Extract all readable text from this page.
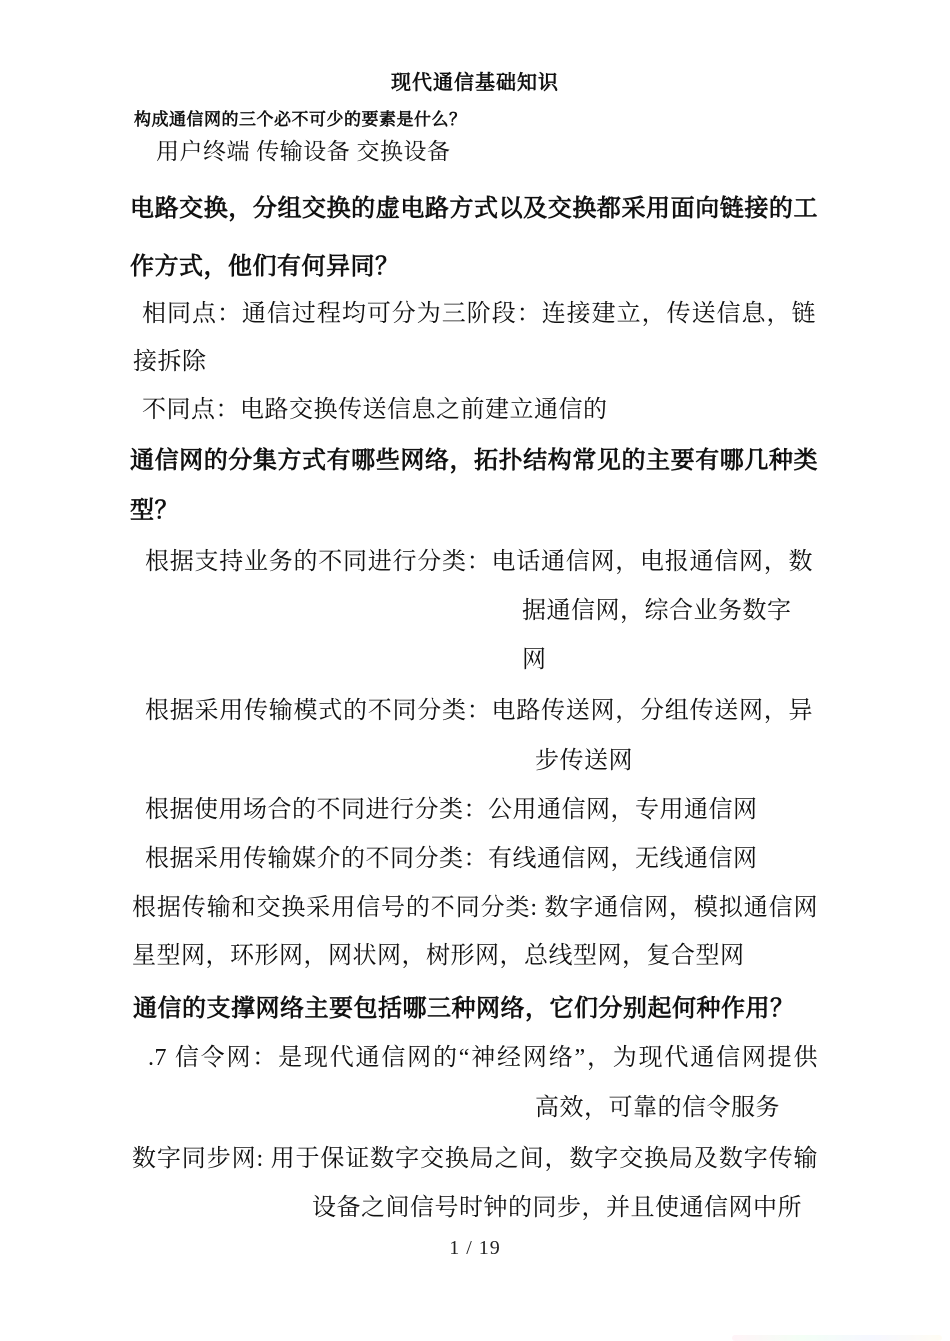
现代通信基础知识
构成通信网的三个必不可少的要素是什么？
用户终端 传输设备 交换设备
电路交换，分组交换的虚电路方式以及交换都采用面向链接的工
作方式，他们有何异同？
相同点：通信过程均可分为三阶段：连接建立，传送信息，链
接拆除
不同点：电路交换传送信息之前建立通信的
通信网的分集方式有哪些网络，拓扑结构常见的主要有哪几种类
型？
根据支持业务的不同进行分类：电话通信网，电报通信网，数
据通信网，综合业务数字
网
根据采用传输模式的不同分类：电路传送网，分组传送网，异
步传送网
根据使用场合的不同进行分类：公用通信网，专用通信网
根据采用传输媒介的不同分类：有线通信网，无线通信网
根据传输和交换采用信号的不同分类: 数字通信网，模拟通信网
星型网，环形网，网状网，树形网，总线型网，复合型网
通信的支撑网络主要包括哪三种网络，它们分别起何种作用？
.7 信令网：是现代通信网的“神经网络”，为现代通信网提供
高效，可靠的信令服务
数字同步网: 用于保证数字交换局之间，数字交换局及数字传输
设备之间信号时钟的同步，并且使通信网中所
1 / 19
